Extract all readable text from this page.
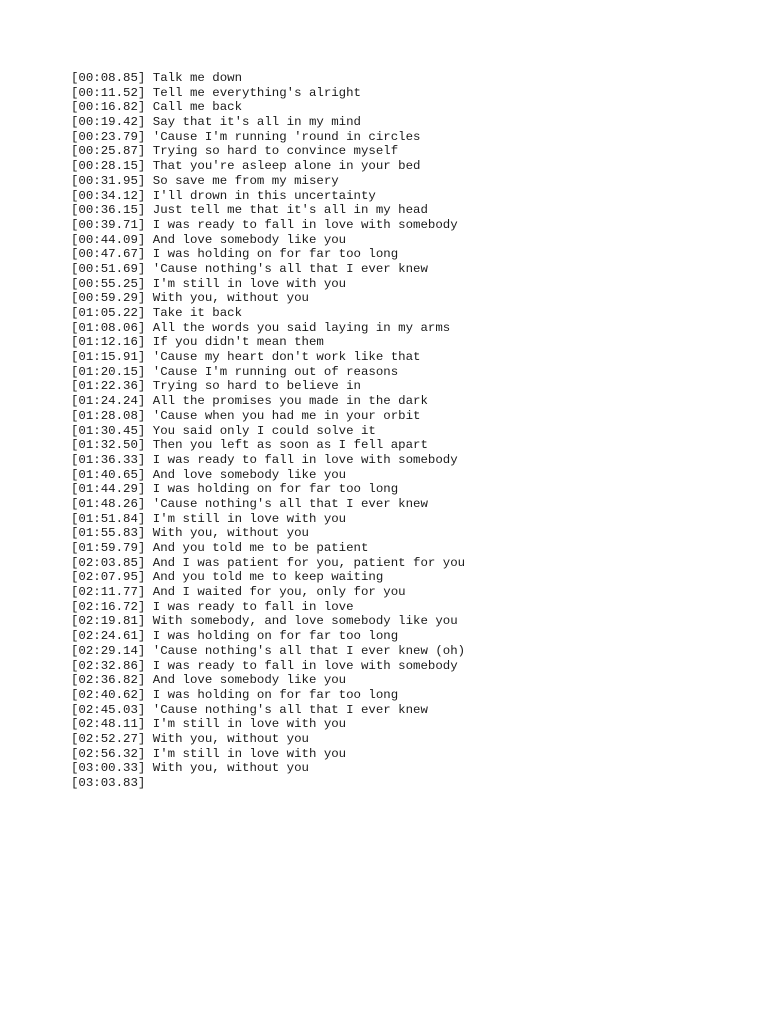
[00:08.85] Talk me down
[00:11.52] Tell me everything's alright
[00:16.82] Call me back
[00:19.42] Say that it's all in my mind
[00:23.79] 'Cause I'm running 'round in circles
[00:25.87] Trying so hard to convince myself
[00:28.15] That you're asleep alone in your bed
[00:31.95] So save me from my misery
[00:34.12] I'll drown in this uncertainty
[00:36.15] Just tell me that it's all in my head
[00:39.71] I was ready to fall in love with somebody
[00:44.09] And love somebody like you
[00:47.67] I was holding on for far too long
[00:51.69] 'Cause nothing's all that I ever knew
[00:55.25] I'm still in love with you
[00:59.29] With you, without you
[01:05.22] Take it back
[01:08.06] All the words you said laying in my arms
[01:12.16] If you didn't mean them
[01:15.91] 'Cause my heart don't work like that
[01:20.15] 'Cause I'm running out of reasons
[01:22.36] Trying so hard to believe in
[01:24.24] All the promises you made in the dark
[01:28.08] 'Cause when you had me in your orbit
[01:30.45] You said only I could solve it
[01:32.50] Then you left as soon as I fell apart
[01:36.33] I was ready to fall in love with somebody
[01:40.65] And love somebody like you
[01:44.29] I was holding on for far too long
[01:48.26] 'Cause nothing's all that I ever knew
[01:51.84] I'm still in love with you
[01:55.83] With you, without you
[01:59.79] And you told me to be patient
[02:03.85] And I was patient for you, patient for you
[02:07.95] And you told me to keep waiting
[02:11.77] And I waited for you, only for you
[02:16.72] I was ready to fall in love
[02:19.81] With somebody, and love somebody like you
[02:24.61] I was holding on for far too long
[02:29.14] 'Cause nothing's all that I ever knew (oh)
[02:32.86] I was ready to fall in love with somebody
[02:36.82] And love somebody like you
[02:40.62] I was holding on for far too long
[02:45.03] 'Cause nothing's all that I ever knew
[02:48.11] I'm still in love with you
[02:52.27] With you, without you
[02:56.32] I'm still in love with you
[03:00.33] With you, without you
[03:03.83]
